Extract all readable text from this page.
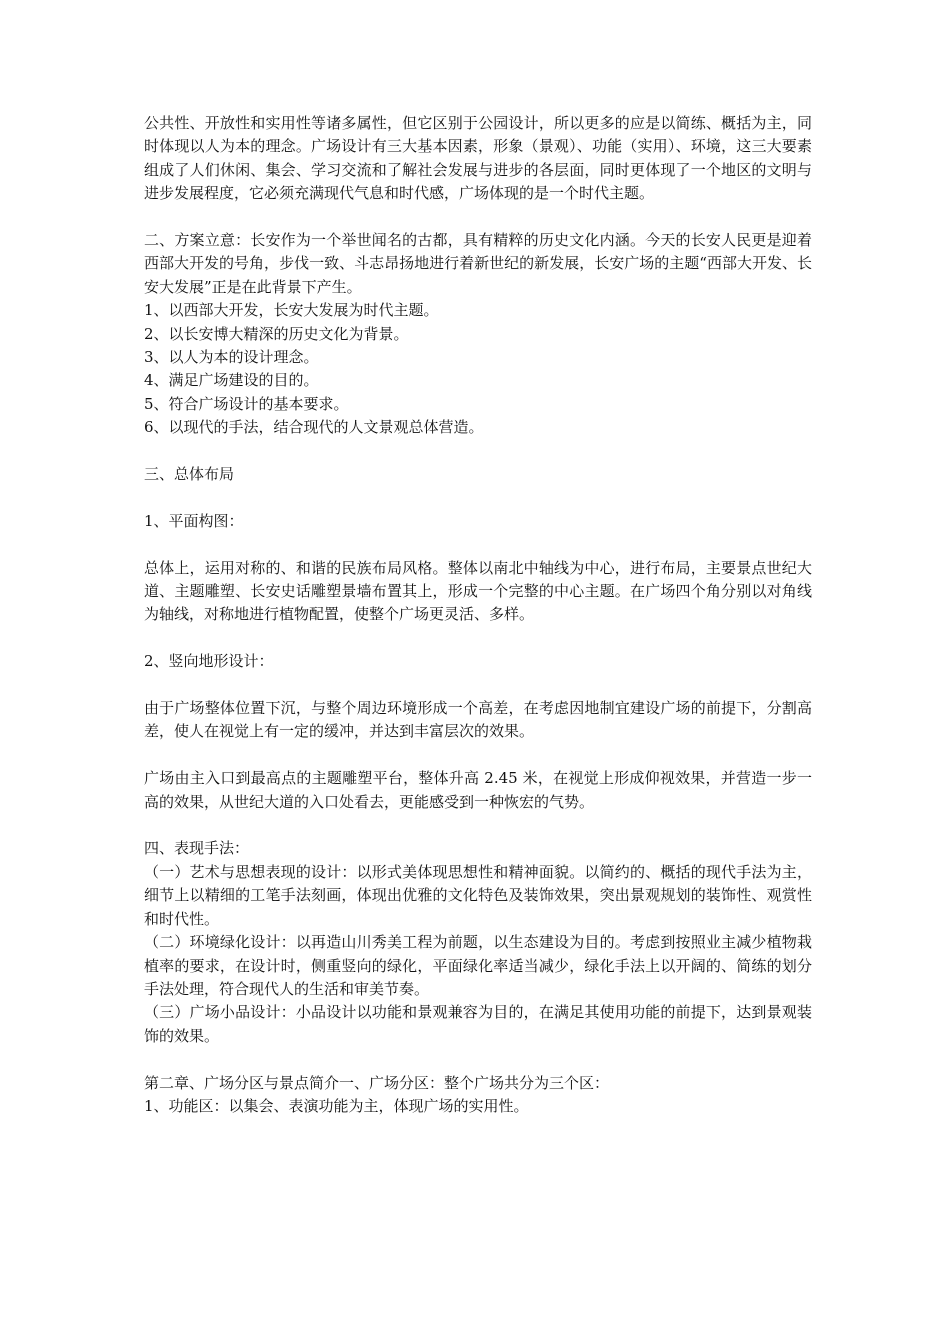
公共性、开放性和实用性等诸多属性，但它区别于公园设计，所以更多的应是以简练、概括为主，同时体现以人为本的理念。广场设计有三大基本因素，形象（景观）、功能（实用）、环境，这三大要素组成了人们休闲、集会、学习交流和了解社会发展与进步的各层面，同时更体现了一个地区的文明与进步发展程度，它必须充满现代气息和时代感，广场体现的是一个时代主题。

二、方案立意：长安作为一个举世闻名的古都，具有精粹的历史文化内涵。今天的长安人民更是迎着西部大开发的号角，步伐一致、斗志昂扬地进行着新世纪的新发展，长安广场的主题“西部大开发、长安大发展”正是在此背景下产生。

1、以西部大开发，长安大发展为时代主题。

2、以长安博大精深的历史文化为背景。

3、以人为本的设计理念。

4、满足广场建设的目的。

5、符合广场设计的基本要求。

6、以现代的手法，结合现代的人文景观总体营造。

三、总体布局

1、平面构图：

总体上，运用对称的、和谐的民族布局风格。整体以南北中轴线为中心，进行布局，主要景点世纪大道、主题雕塑、长安史话雕塑景墙布置其上，形成一个完整的中心主题。在广场四个角分别以对角线为轴线，对称地进行植物配置，使整个广场更灵活、多样。

2、竖向地形设计：

由于广场整体位置下沉，与整个周边环境形成一个高差，在考虑因地制宜建设广场的前提下，分割高差，使人在视觉上有一定的缓冲，并达到丰富层次的效果。

广场由主入口到最高点的主题雕塑平台，整体升高 2.45 米，在视觉上形成仰视效果，并营造一步一高的效果，从世纪大道的入口处看去，更能感受到一种恢宏的气势。

四、表现手法：

（一）艺术与思想表现的设计：以形式美体现思想性和精神面貌。以简约的、概括的现代手法为主，细节上以精细的工笔手法刻画，体现出优雅的文化特色及装饰效果，突出景观规划的装饰性、观赏性和时代性。

（二）环境绿化设计：以再造山川秀美工程为前题，以生态建设为目的。考虑到按照业主减少植物栽植率的要求，在设计时，侧重竖向的绿化，平面绿化率适当减少，绿化手法上以开阔的、简练的划分手法处理，符合现代人的生活和审美节奏。

（三）广场小品设计：小品设计以功能和景观兼容为目的，在满足其使用功能的前提下，达到景观装饰的效果。

第二章、广场分区与景点简介一、广场分区：整个广场共分为三个区：

1、功能区：以集会、表演功能为主，体现广场的实用性。
